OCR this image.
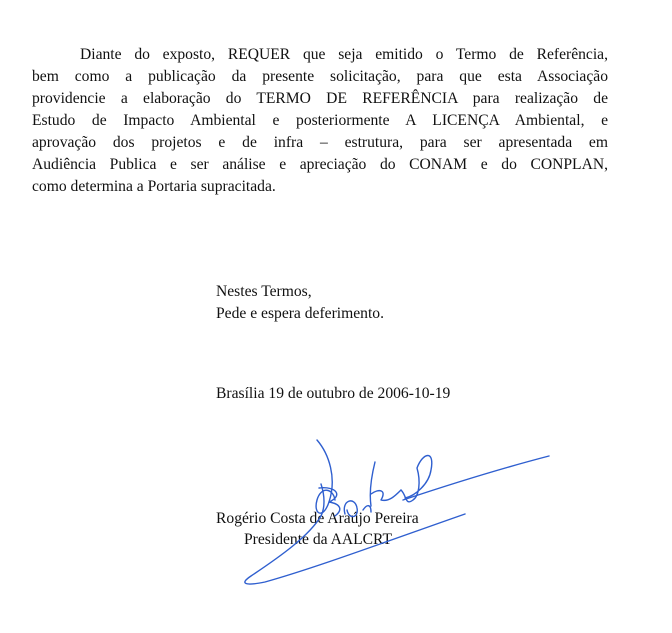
Diante do exposto, REQUER que seja emitido o Termo de Referência,
bem como a publicação da presente solicitação, para que esta Associação
providencie a elaboração do TERMO DE REFERÊNCIA para realização de
Estudo de Impacto Ambiental e posteriormente A LICENÇA Ambiental, e
aprovação dos projetos e de infra – estrutura, para ser apresentada em
Audiência Publica e ser análise e apreciação do CONAM e do CONPLAN,
como determina a Portaria supracitada.

Nestes Termos,
Pede e espera deferimento.
Brasília 19 de outubro de 2006-10-19
Rogério Costa de Araújo Pereira
Presidente da AALCRT
